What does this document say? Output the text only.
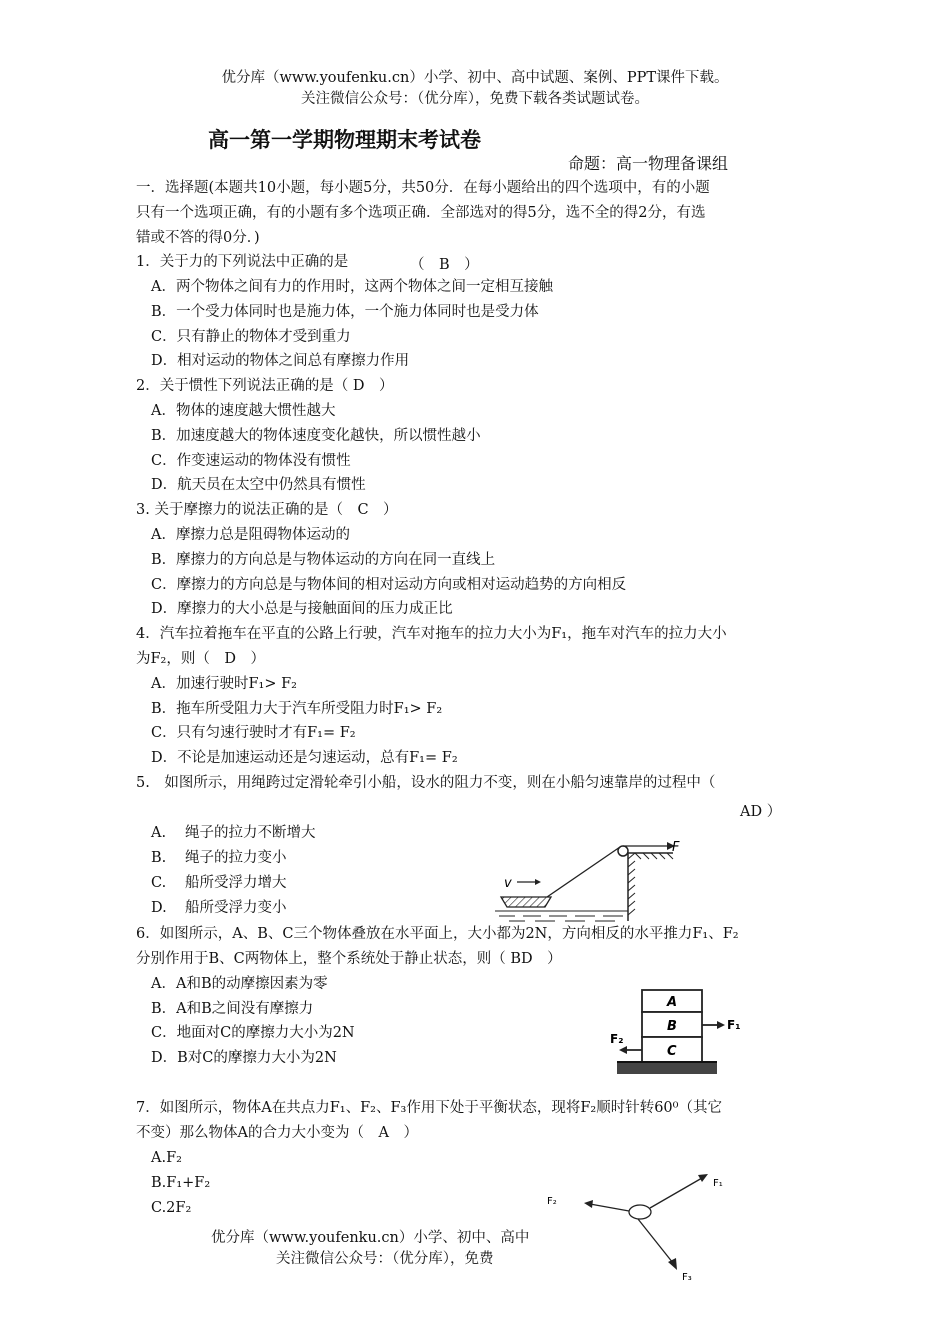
优分库（www.youfenku.cn）小学、初中、高中试题、案例、PPT课件下载。
关注微信公众号：（优分库），免费下载各类试题试卷。
高一第一学期物理期末考试卷
命题：高一物理备课组
一．选择题(本题共10小题，每小题5分，共50分．在每小题给出的四个选项中，有的小题
只有一个选项正确，有的小题有多个选项正确．全部选对的得5分，选不全的得2分，有选
错或不答的得0分．)
1．关于力的下列说法中正确的是	（　B　）
A．两个物体之间有力的作用时，这两个物体之间一定相互接触
B．一个受力体同时也是施力体，一个施力体同时也是受力体
C．只有静止的物体才受到重力
D．相对运动的物体之间总有摩擦力作用
2．关于惯性下列说法正确的是（ D　）
A．物体的速度越大惯性越大
B．加速度越大的物体速度变化越快，所以惯性越小
C．作变速运动的物体没有惯性
D．航天员在太空中仍然具有惯性
3. 关于摩擦力的说法正确的是（　C　）
A．摩擦力总是阻碍物体运动的
B．摩擦力的方向总是与物体运动的方向在同一直线上
C．摩擦力的方向总是与物体间的相对运动方向或相对运动趋势的方向相反
D．摩擦力的大小总是与接触面间的压力成正比
4．汽车拉着拖车在平直的公路上行驶，汽车对拖车的拉力大小为F₁，拖车对汽车的拉力大小
为F₂，则（　D　）
A．加速行驶时F₁> F₂
B．拖车所受阻力大于汽车所受阻力时F₁> F₂
C．只有匀速行驶时才有F₁= F₂
D．不论是加速运动还是匀速运动，总有F₁= F₂
5.　如图所示，用绳跨过定滑轮牵引小船，设水的阻力不变，则在小船匀速靠岸的过程中（
AD ）
A. 绳子的拉力不断增大
B. 绳子的拉力变小
C. 船所受浮力增大
D. 船所受浮力变小
F
v
6．如图所示，A、B、C三个物体叠放在水平面上，大小都为2N，方向相反的水平推力F₁、F₂
分别作用于B、C两物体上，整个系统处于静止状态，则（ BD　）
A．A和B的动摩擦因素为零
B．A和B之间没有摩擦力
C．地面对C的摩擦力大小为2N
D．B对C的摩擦力大小为2N
A
B
C
F₁
F₂
7．如图所示，物体A在共点力F₁、F₂、F₃作用下处于平衡状态，现将F₂顺时针转60⁰（其它
不变）那么物体A的合力大小变为（　A　）
A.F₂
B.F₁+F₂
C.2F₂
优分库（www.youfenku.cn）小学、初中、高中
关注微信公众号：（优分库），免费
F₁
F₂
F₃
